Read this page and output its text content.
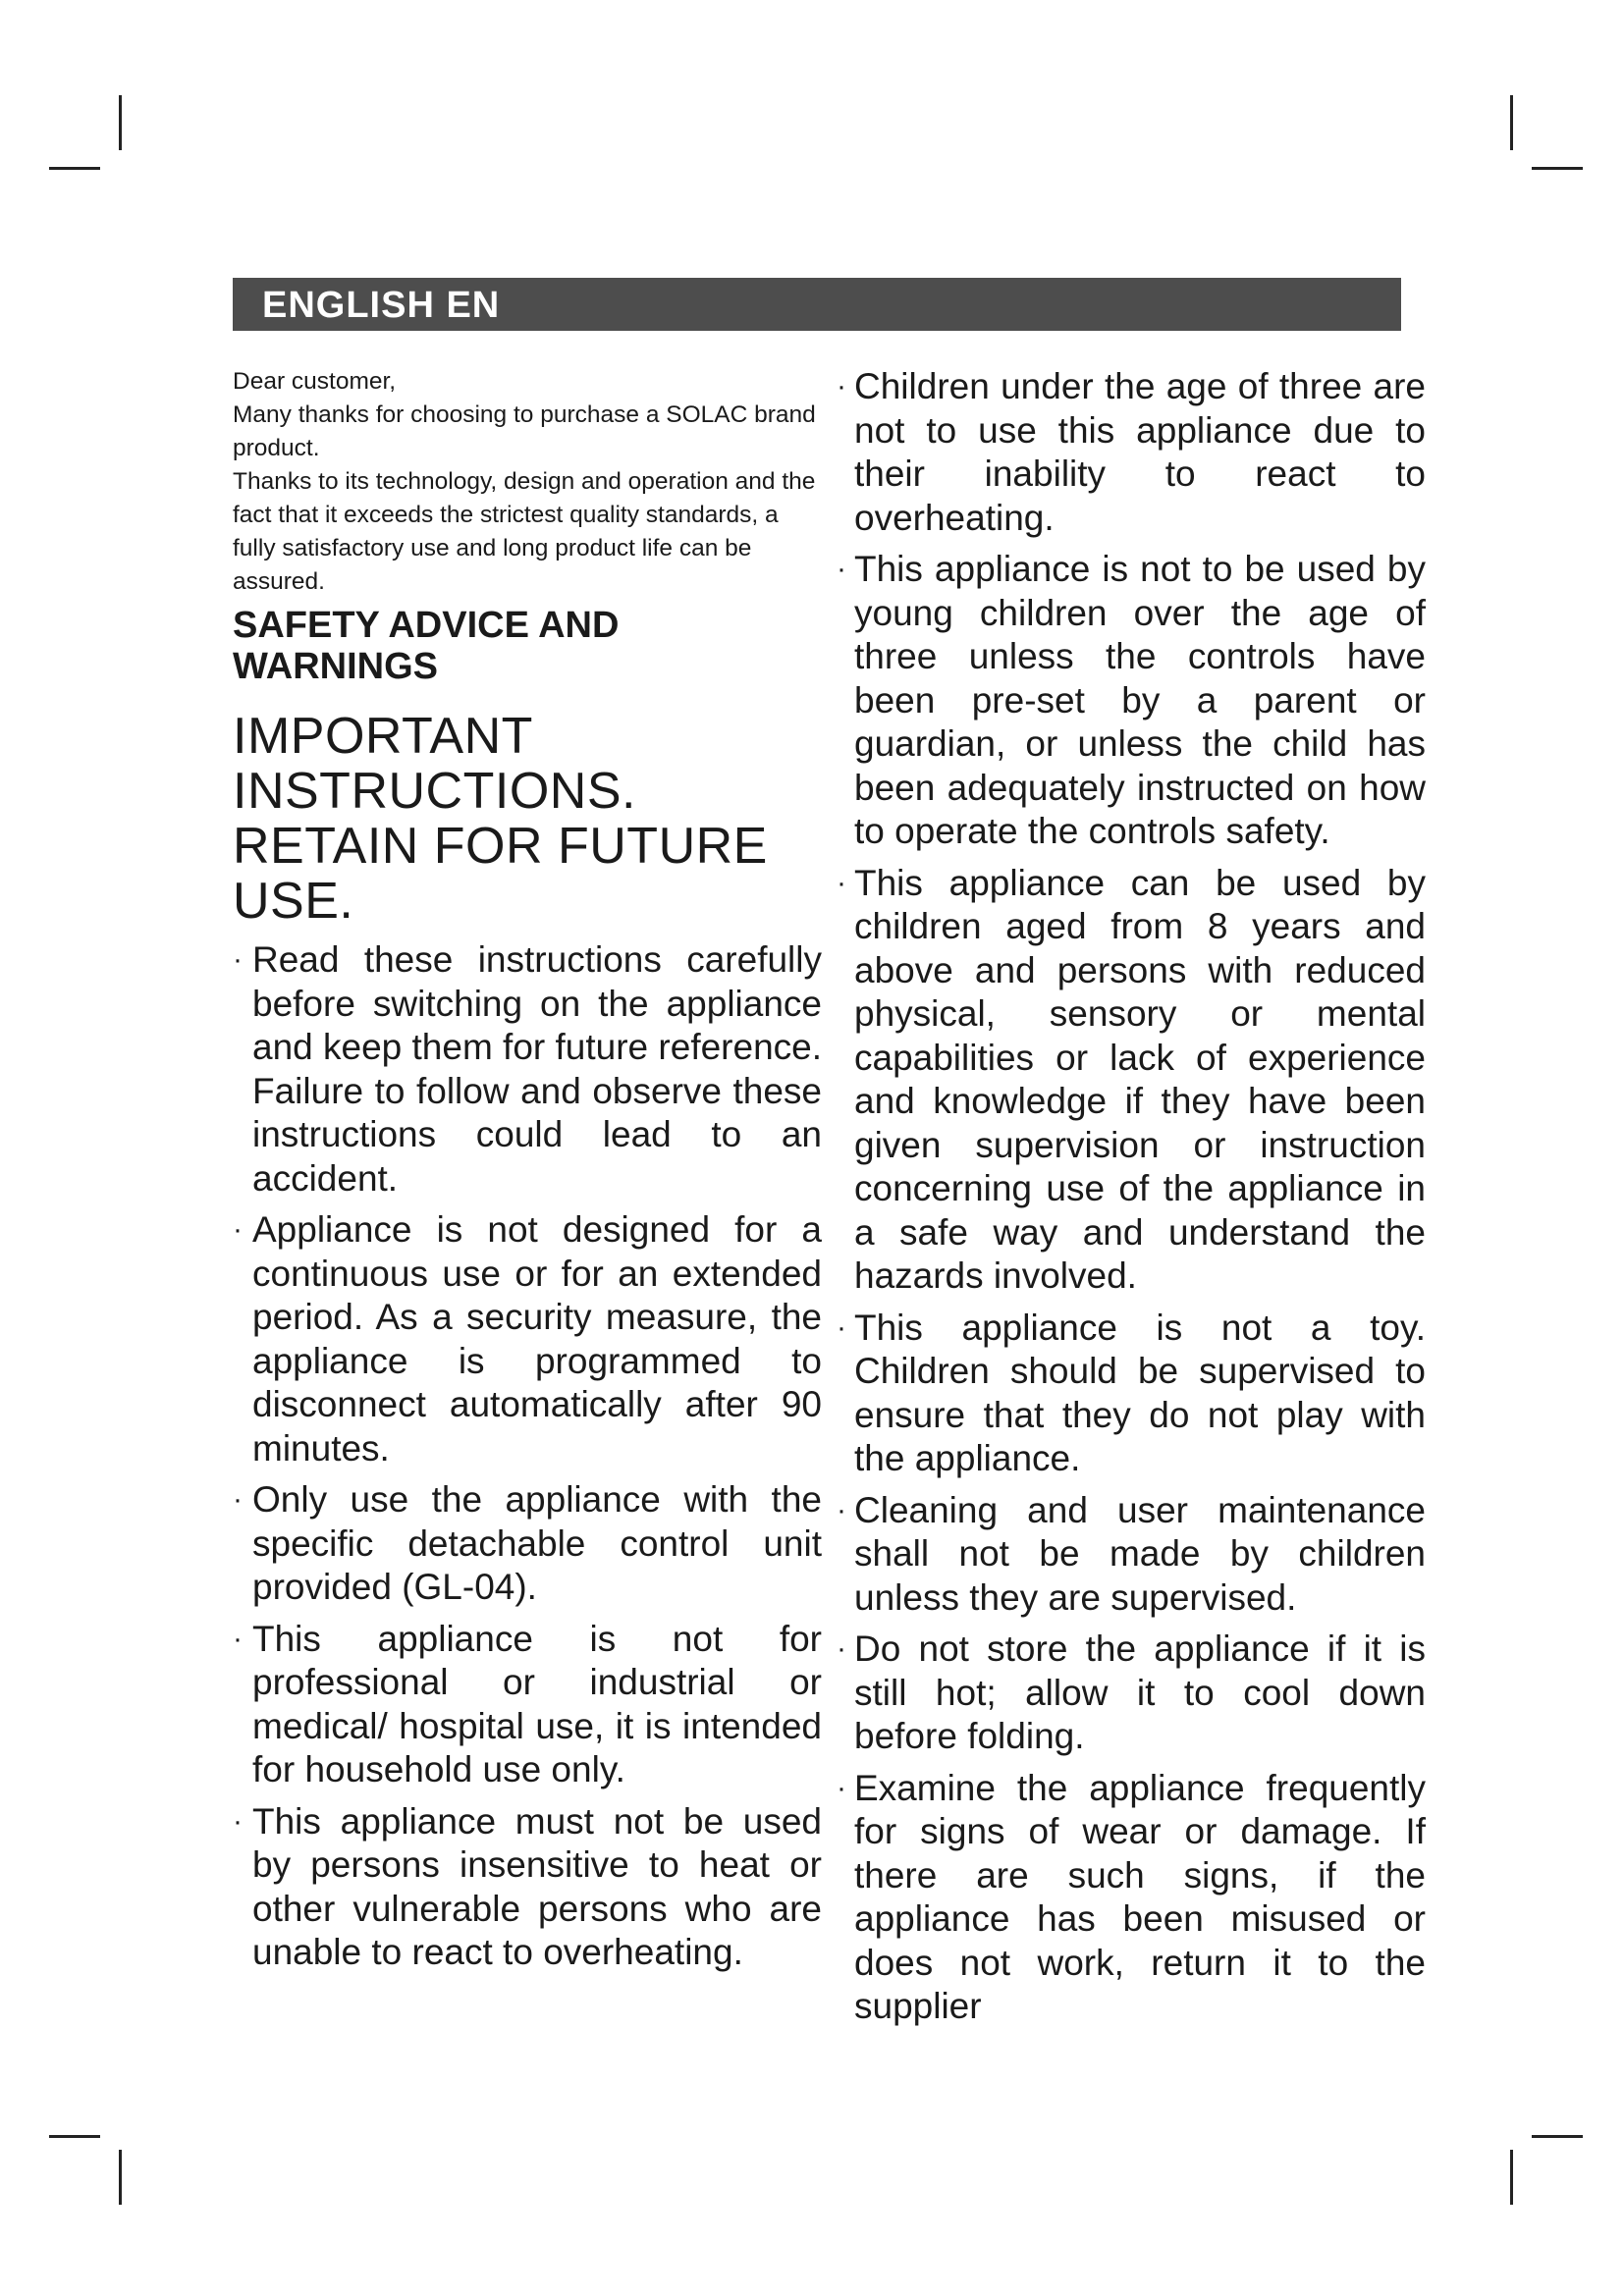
ENGLISH EN

Dear customer,

Many thanks for choosing to purchase a SOLAC brand product.

Thanks to its technology, design and operation and the fact that it exceeds the strictest quality standards, a fully satisfactory use and long product life can be assured.

SAFETY ADVICE AND WARNINGS
IMPORTANT INSTRUCTIONS. RETAIN FOR FUTURE USE.
· Read these instructions carefully before switching on the appliance and keep them for future reference. Failure to follow and observe these instructions could lead to an accident.
· Appliance is not designed for a continuous use or for an extended period. As a security measure, the appliance is programmed to disconnect automatically after 90 minutes.
· Only use the appliance with the specific detachable control unit provided (GL-04).
· This appliance is not for professional or industrial or medical/ hospital use, it is intended for household use only.
· This appliance must not be used by persons insensitive to heat or other vulnerable persons who are unable to react to overheating.
· Children under the age of three are not to use this appliance due to their inability to react to overheating.
· This appliance is not to be used by young children over the age of three unless the controls have been pre-set by a parent or guardian, or unless the child has been adequately instructed on how to operate the controls safety.
· This appliance can be used by children aged from 8 years and above and persons with reduced physical, sensory or mental capabilities or lack of experience and knowledge if they have been given supervision or instruction concerning use of the appliance in a safe way and understand the hazards involved.
· This appliance is not a toy. Children should be supervised to ensure that they do not play with the appliance.
· Cleaning and user maintenance shall not be made by children unless they are supervised.
· Do not store the appliance if it is still hot; allow it to cool down before folding.
· Examine the appliance frequently for signs of wear or damage. If there are such signs, if the appliance has been misused or does not work, return it to the supplier
